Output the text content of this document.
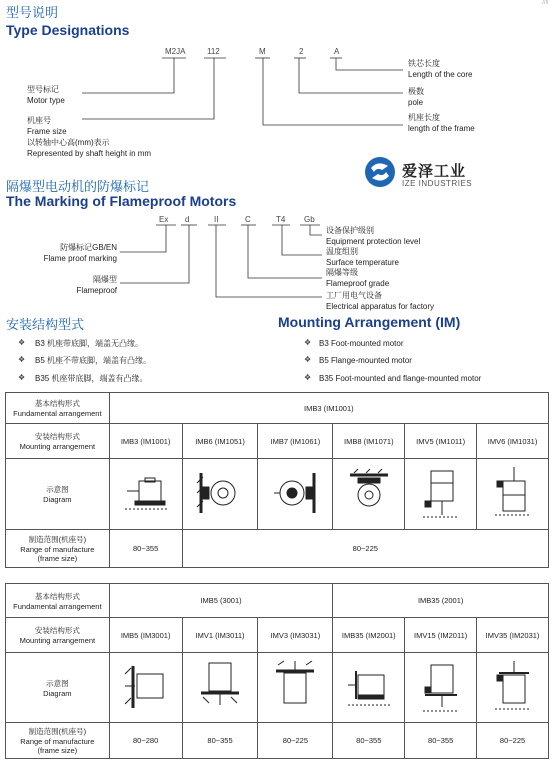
//‖
型号说明
Type Designations
M2JA	112	M	2	A
型号标记
Motor type
机座号
Frame size
以转轴中心高(mm)表示
Represented by shaft height in mm
铁芯长度
Length of the core
极数
pole
机座长度
length of the frame
爱泽工业
IZE INDUSTRIES
隔爆型电动机的防爆标记
The Marking of Flameproof Motors
Ex d	II	C	T4 Gb
防爆标记GB/EN
Flame proof marking
隔爆型
Flameproof
设备保护级别
Equipment protection level
温度组别
Surface temperature
隔爆等级
Flameproof grade
工厂用电气设备
Electrical apparatus for factory
安装结构型式	Mounting Arrangement (IM)
❖ B3 机座带底脚，端盖无凸缘。
❖ B5 机座不带底脚，端盖有凸缘。
❖ B35 机座带底脚，端盖有凸缘。
❖ B3 Foot-mounted motor
❖ B5 Flange-mounted motor
❖ B35 Foot-mounted and flange-mounted motor
基本结构形式
Fundamental arrangement	IMB3 (IM1001)					

安装结构形式
Mounting arrangement	IMB3 (IM1001)	IMB6 (IM1051)	IMB7 (IM1061)	IMB8 (IM1071)	IMV5 (IM1011)	IMV6 (IM1031)

示意图
Diagram

制造范围(机座号)
Range of manufacture
(frame size)	80~355	80~225				
基本结构形式
Fundamental arrangement	IMB5 (3001)			IMB35 (2001)		

安装结构形式
Mounting arrangement	IMB5 (IM3001)	IMV1 (IM3011)	IMV3 (IM3031)	IMB35 (IM2001)	IMV15 (IM2011)	IMV35 (IM2031)

示意图
Diagram

制造范围(机座号)
Range of manufacture
(frame size)	80~280	80~355	80~225	80~355	80~355	80~225
